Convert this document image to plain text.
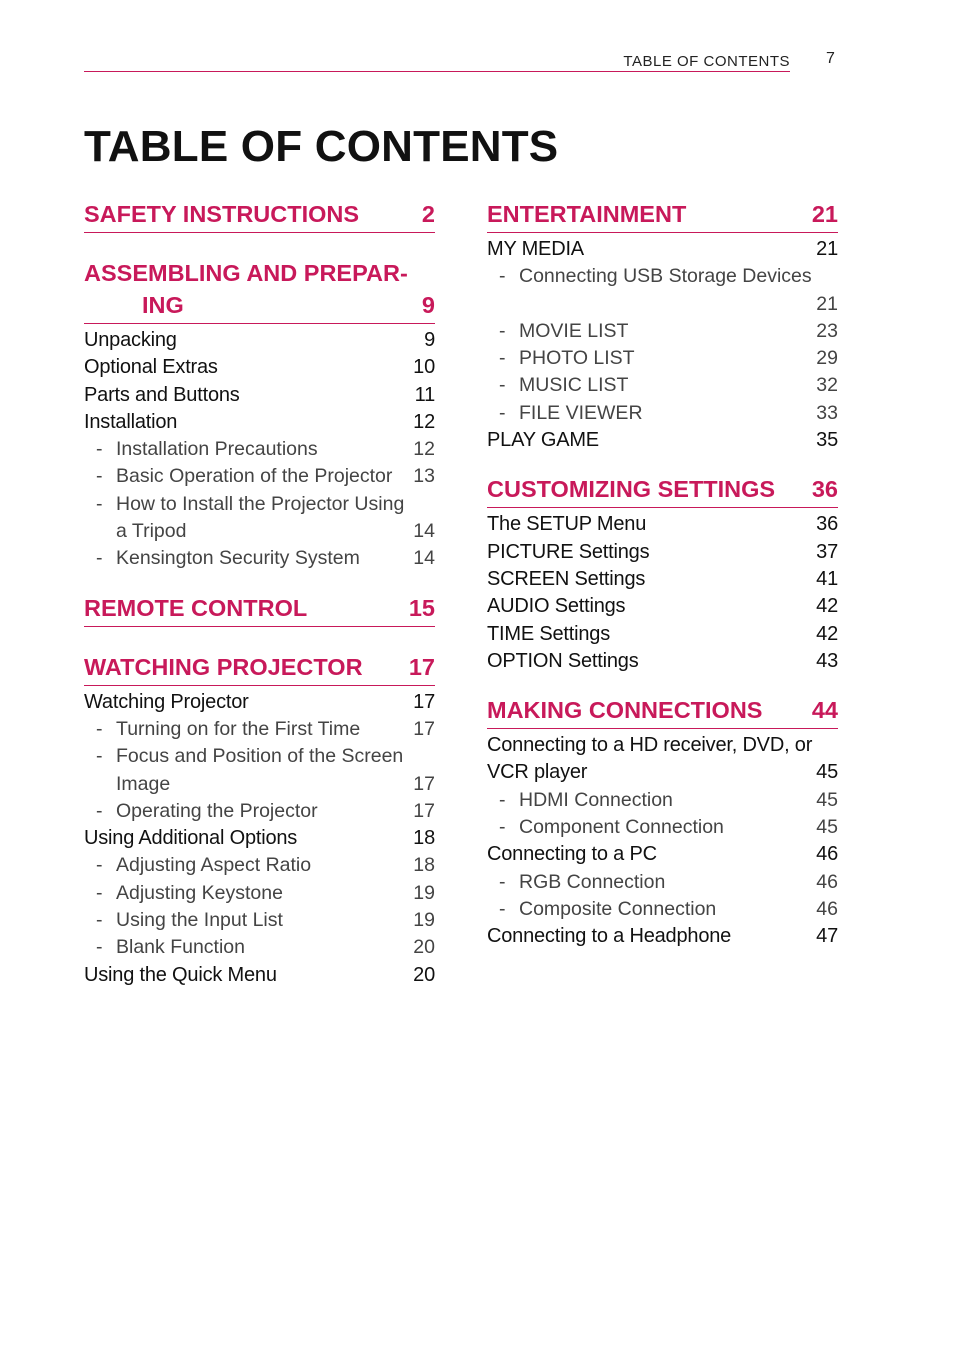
TABLE OF CONTENTS 7
TABLE OF CONTENTS
SAFETY INSTRUCTIONS	2
ASSEMBLING AND PREPAR-
ING	9
Unpacking	9
Optional Extras	10
Parts and Buttons	11
Installation	12
- Installation Precautions	12
- Basic Operation of the Projector	13
- How to Install the Projector Using a Tripod	14
- Kensington Security System	14
REMOTE CONTROL	15
WATCHING PROJECTOR	17
Watching Projector	17
- Turning on for the First Time	17
- Focus and Position of the Screen Image	17
- Operating the Projector	17
Using Additional Options	18
- Adjusting Aspect Ratio	18
- Adjusting Keystone	19
- Using the Input List	19
- Blank Function	20
Using the Quick Menu	20
ENTERTAINMENT	21
MY MEDIA	21
- Connecting USB Storage Devices
21
- MOVIE LIST	23
- PHOTO LIST	29
- MUSIC LIST	32
- FILE VIEWER	33
PLAY GAME	35
CUSTOMIZING SETTINGS	36
The SETUP Menu	36
PICTURE Settings	37
SCREEN Settings	41
AUDIO Settings	42
TIME Settings	42
OPTION Settings	43
MAKING CONNECTIONS	44
Connecting to a HD receiver, DVD, or
VCR player	45
- HDMI Connection	45
- Component Connection	45
Connecting to a PC	46
- RGB Connection	46
- Composite Connection	46
Connecting to a Headphone	47
